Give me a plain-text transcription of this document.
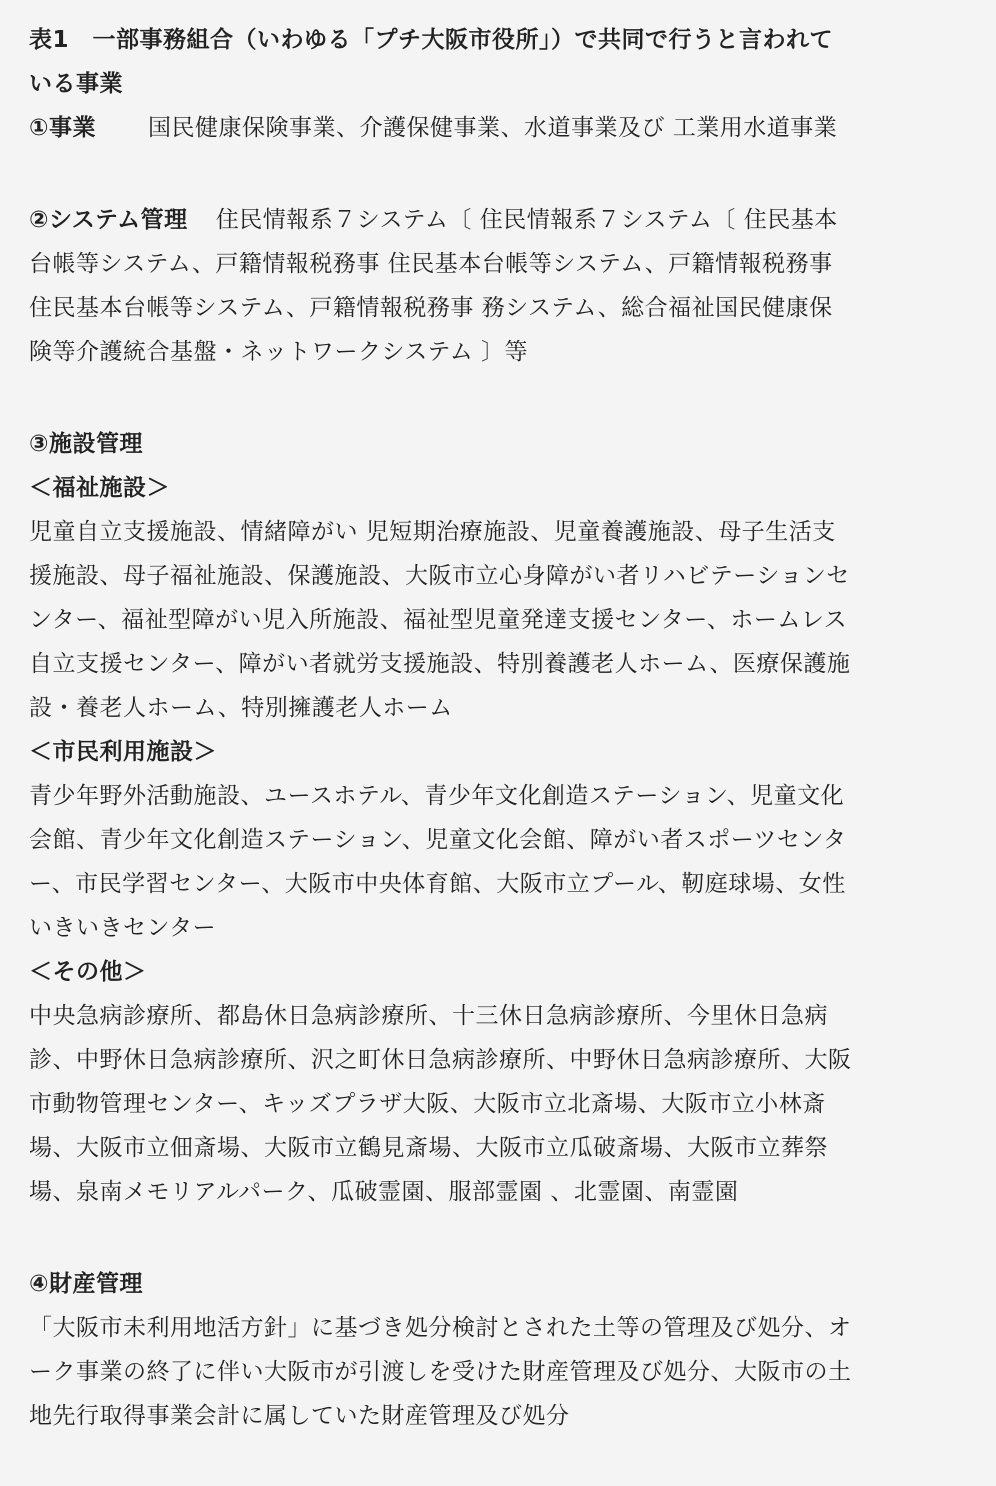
表1　一部事務組合（いわゆる「プチ大阪市役所」）で共同で行うと言われて
いる事業
①事業 国民健康保険事業、介護保健事業、水道事業及び 工業用水道事業
②システム管理 住民情報系７システム〔 住民情報系７システム〔 住民基本
台帳等システム、戸籍情報税務事 住民基本台帳等システム、戸籍情報税務事
住民基本台帳等システム、戸籍情報税務事 務システム、総合福祉国民健康保
険等介護統合基盤・ネットワークシステム 〕等
③施設管理
＜福祉施設＞
児童自立支援施設、情緒障がい 児短期治療施設、児童養護施設、母子生活支
援施設、母子福祉施設、保護施設、大阪市立心身障がい者リハビテーションセ
ンター、福祉型障がい児入所施設、福祉型児童発達支援センター、ホームレス
自立支援センター、障がい者就労支援施設、特別養護老人ホーム、医療保護施
設・養老人ホーム、特別擁護老人ホーム
＜市民利用施設＞
青少年野外活動施設、ユースホテル、青少年文化創造ステーション、児童文化
会館、青少年文化創造ステーション、児童文化会館、障がい者スポーツセンタ
ー、市民学習センター、大阪市中央体育館、大阪市立プール、靭庭球場、女性
いきいきセンター
＜その他＞
中央急病診療所、都島休日急病診療所、十三休日急病診療所、今里休日急病
診、中野休日急病診療所、沢之町休日急病診療所、中野休日急病診療所、大阪
市動物管理センター、キッズプラザ大阪、大阪市立北斎場、大阪市立小林斎
場、大阪市立佃斎場、大阪市立鶴見斎場、大阪市立瓜破斎場、大阪市立葬祭
場、泉南メモリアルパーク、瓜破霊園、服部霊園 、北霊園、南霊園
④財産管理
「大阪市未利用地活方針」に基づき処分検討とされた土等の管理及び処分、オ
ーク事業の終了に伴い大阪市が引渡しを受けた財産管理及び処分、大阪市の土
地先行取得事業会計に属していた財産管理及び処分
